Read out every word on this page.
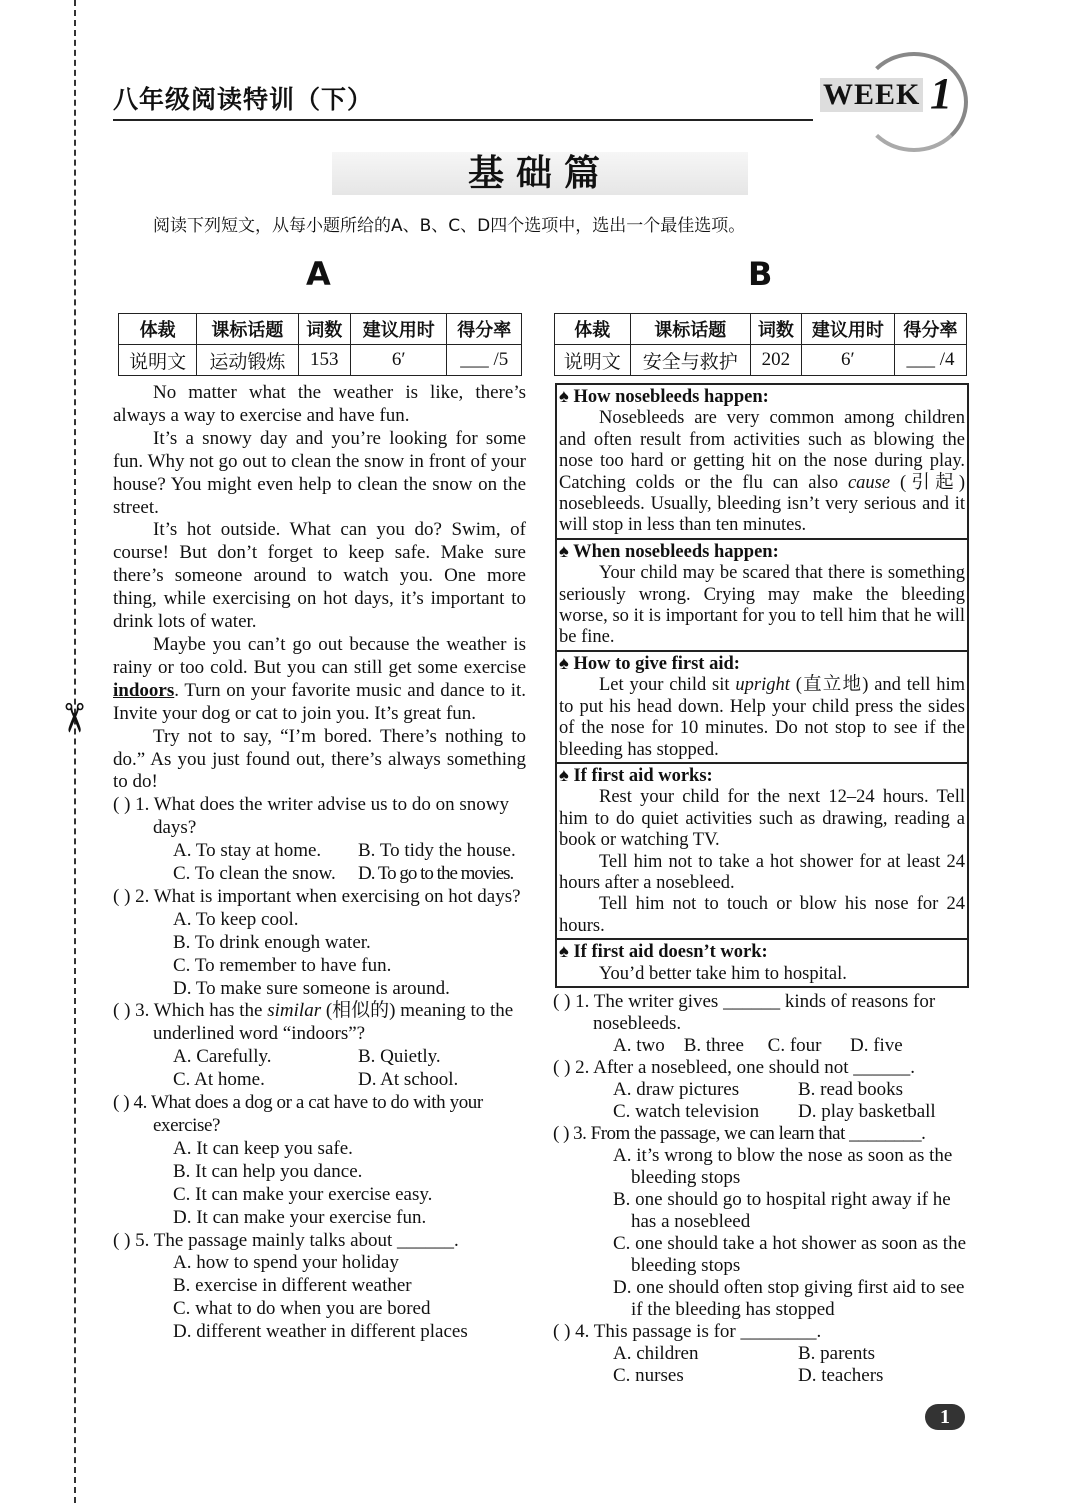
✂
八年级阅读特训（下）	WEEK 1
基础篇
阅读下列短文，从每小题所给的A、B、C、D四个选项中，选出一个最佳选项。
A	B
体裁	课标话题	词数	建议用时	得分率
说明文	运动锻炼	153	6′	___ /5
体裁	课标话题	词数	建议用时	得分率
说明文	安全与救护	202	6′	___ /4

No matter what the weather is like, there’s always a way to exercise and have fun.

It’s a snowy day and you’re looking for some fun. Why not go out to clean the snow in front of your house? You might even help to clean the snow on the street.

It’s hot outside. What can you do? Swim, of course! But don’t forget to keep safe. Make sure there’s someone around to watch you. One more thing, while exercising on hot days, it’s important to drink lots of water.

Maybe you can’t go out because the weather is rainy or too cold. But you can still get some exercise indoors. Turn on your favorite music and dance to it. Invite your dog or cat to join you. It’s great fun.

Try not to say, “I’m bored. There’s nothing to do.” As you just found out, there’s always something to do!

( ) 1. What does the writer advise us to do on snowy days?
A. To stay at home.	B. To tidy the house.
C. To clean the snow.	D. To go to the movies.
( ) 2. What is important when exercising on hot days?
A. To keep cool.
B. To drink enough water.
C. To remember to have fun.
D. To make sure someone is around.
( ) 3. Which has the similar (相似的) meaning to the underlined word “indoors”?
A. Carefully.	B. Quietly.
C. At home.	D. At school.
( ) 4. What does a dog or a cat have to do with your exercise?
A. It can keep you safe.
B. It can help you dance.
C. It can make your exercise easy.
D. It can make your exercise fun.
( ) 5. The passage mainly talks about ______.
A. how to spend your holiday
B. exercise in different weather
C. what to do when you are bored
D. different weather in different places
♠ How nosebleeds happen:

Nosebleeds are very common among children and often result from activities such as blowing the nose too hard or getting hit on the nose during play. Catching colds or the flu can also cause (引起) nosebleeds. Usually, bleeding isn’t very serious and it will stop in less than ten minutes.

♠ When nosebleeds happen:

Your child may be scared that there is something seriously wrong. Crying may make the bleeding worse, so it is important for you to tell him that he will be fine.

♠ How to give first aid:

Let your child sit upright (直立地) and tell him to put his head down. Help your child press the sides of the nose for 10 minutes. Do not stop to see if the bleeding has stopped.

♠ If first aid works:

Rest your child for the next 12–24 hours. Tell him to do quiet activities such as drawing, reading a book or watching TV.

Tell him not to take a hot shower for at least 24 hours after a nosebleed.

Tell him not to touch or blow his nose for 24 hours.

♠ If first aid doesn’t work:

You’d better take him to hospital.

( ) 1. The writer gives ______ kinds of reasons for nosebleeds.
A. two B. three C. four D. five
( ) 2. After a nosebleed, one should not ______.
A. draw pictures	B. read books
C. watch television	D. play basketball
( ) 3. From the passage, we can learn that ________.
A. it’s wrong to blow the nose as soon as the bleeding stops
B. one should go to hospital right away if he has a nosebleed
C. one should take a hot shower as soon as the bleeding stops
D. one should often stop giving first aid to see if the bleeding has stopped
( ) 4. This passage is for ________.
A. children	B. parents
C. nurses	D. teachers
1
